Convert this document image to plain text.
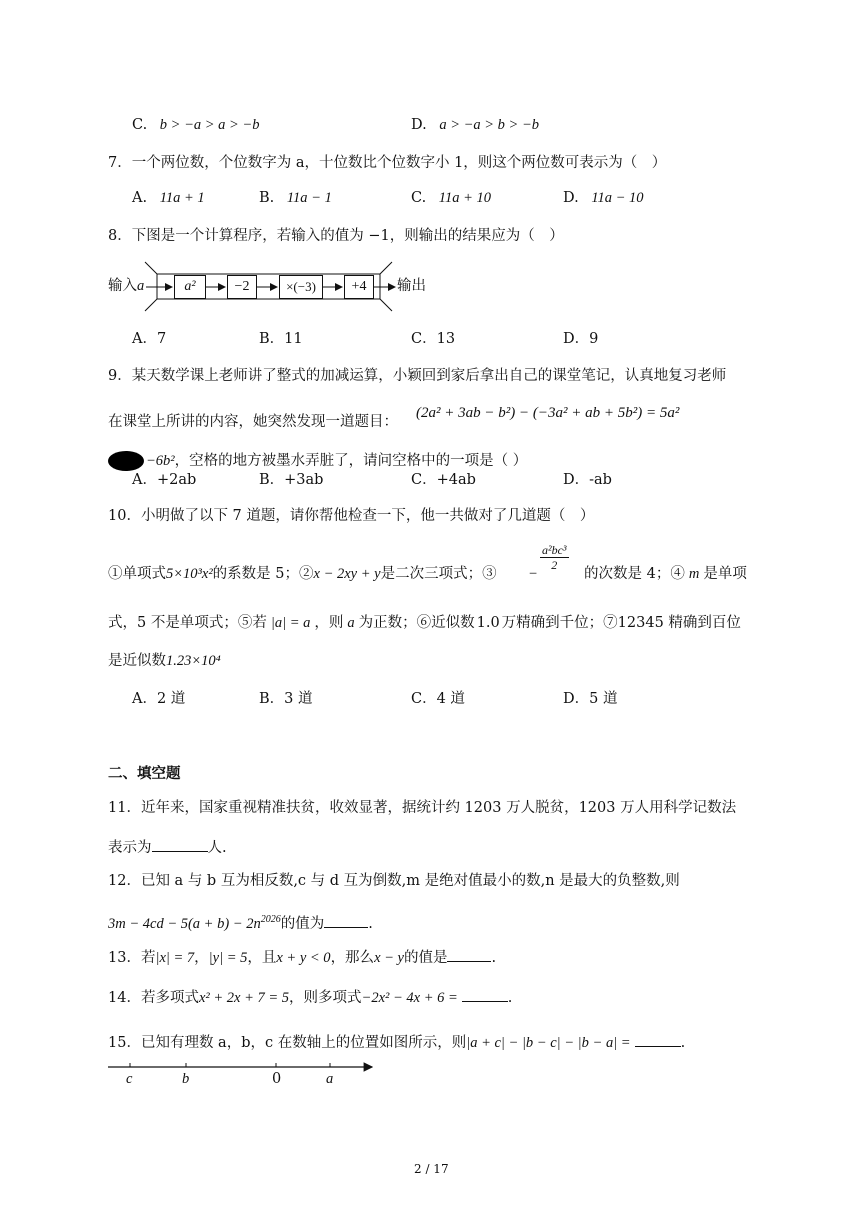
C. b > −a > a > −b	D. a > −a > b > −b
7．一个两位数，个位数字为 a，十位数比个位数字小 1，则这个两位数可表示为（　）
A. 11a + 1	B. 11a − 1	C. 11a + 10	D. 11a − 10
8．下图是一个计算程序，若输入的值为 −1，则输出的结果应为（　）
输入a	a²	−2	×(−3)	+4	输出
A．7	B．11	C．13	D．9
9．某天数学课上老师讲了整式的加减运算，小颖回到家后拿出自己的课堂笔记，认真地复习老师
在课堂上所讲的内容，她突然发现一道题目：
(2a² + 3ab − b²) − (−3a² + ab + 5b²) = 5a²
−6b²，空格的地方被墨水弄脏了，请问空格中的一项是（ ）
A．+2ab	B．+3ab	C．+4ab	D．-ab
10．小明做了以下 7 道题，请你帮他检查一下，他一共做对了几道题（　）
①单项式5×10³x²的系数是 5；②x − 2xy + y是二次三项式；③ −
$\frac{\text{a²bc³}}{2}$
的次数是 4；④ m 是单项
式，5 不是单项式；⑤若 |a| = a ，则 a 为正数；⑥近似数 1.0 万精确到千位；⑦12345 精确到百位
是近似数1.23×10⁴
A．2 道	B．3 道	C．4 道	D．5 道
二、填空题
11．近年来，国家重视精准扶贫，收效显著，据统计约 1203 万人脱贫，1203 万人用科学记数法
表示为	人.
12．已知 a 与 b 互为相反数,c 与 d 互为倒数,m 是绝对值最小的数,n 是最大的负整数,则
$3m - 4cd - 5(a + b) - 2n^{2026}$的值为	.
13．若|x| = 7，|y| = 5，且x + y < 0，那么x − y的值是	.
14．若多项式x² + 2x + 7 = 5，则多项式−2x² − 4x + 6 =	.
15．已知有理数 a，b，c 在数轴上的位置如图所示，则|a + c| − |b − c| − |b − a| =	.
c	b	0	a
2 / 17
